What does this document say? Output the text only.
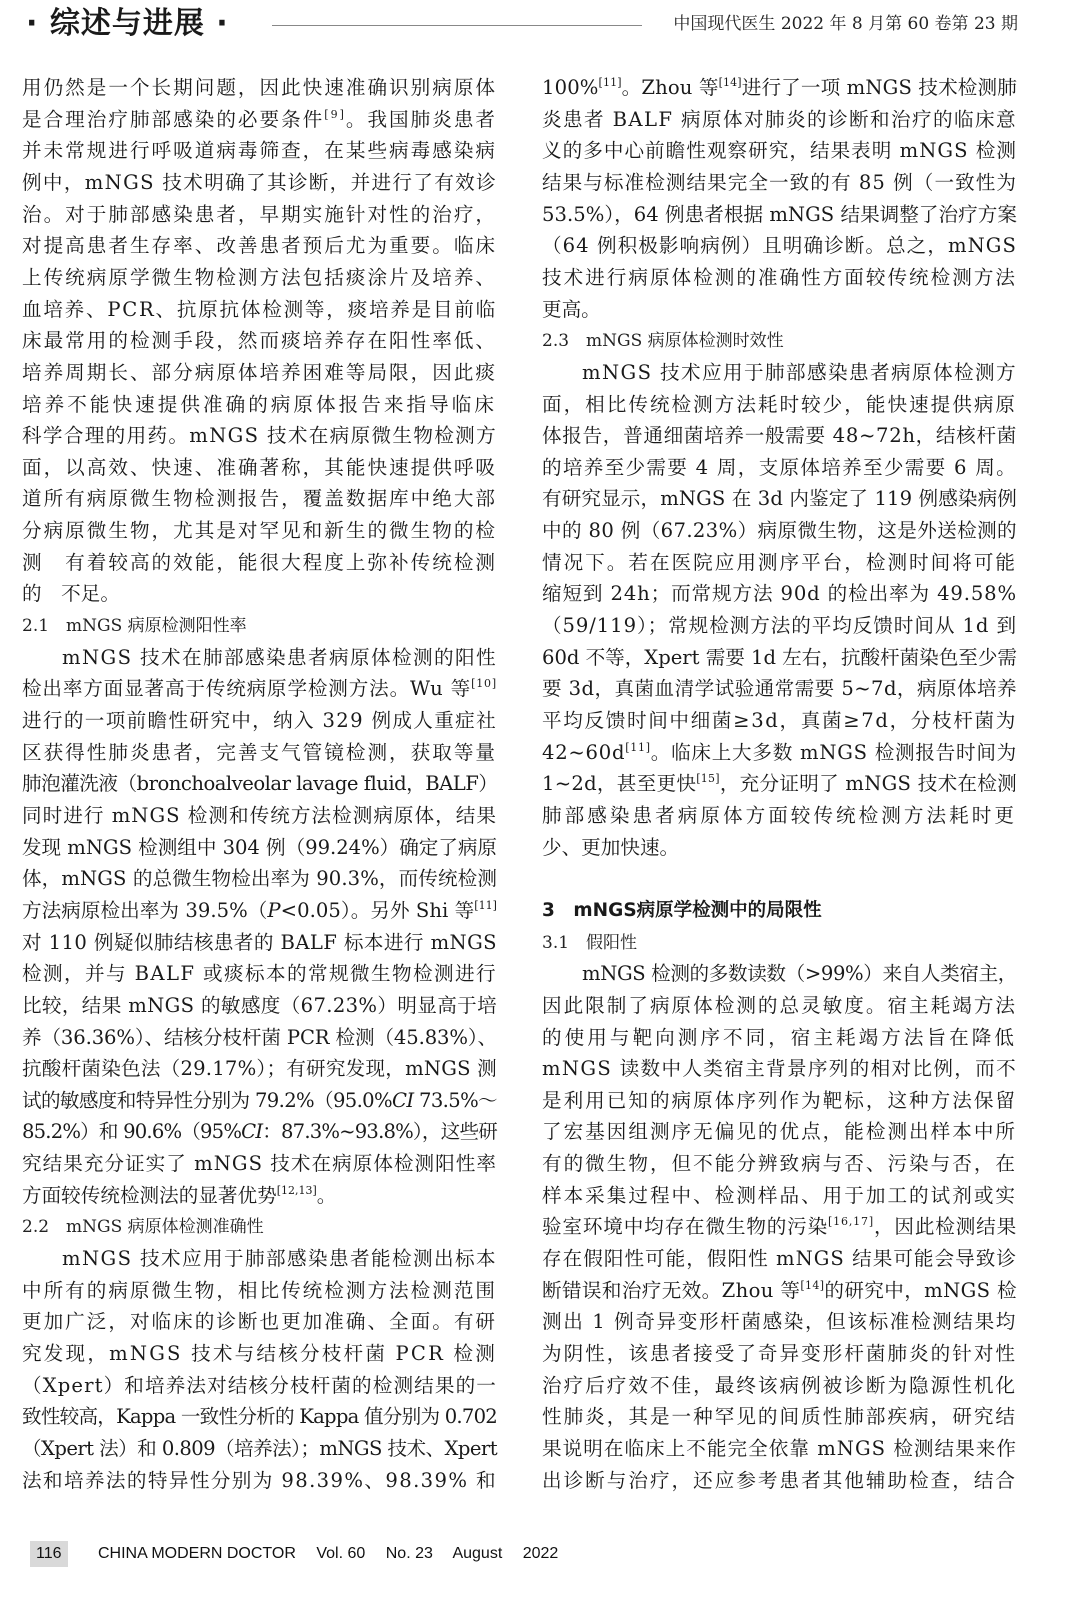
· 综述与进展 ·	中国现代医生 2022 年 8 月第 60 卷第 23 期
用仍然是一个长期问题，因此快速准确识别病原体
是合理治疗肺部感染的必要条件[9]。我国肺炎患者
并未常规进行呼吸道病毒筛查，在某些病毒感染病
例中，mNGS 技术明确了其诊断，并进行了有效诊
治。对于肺部感染患者，早期实施针对性的治疗，
对提高患者生存率、改善患者预后尤为重要。临床
上传统病原学微生物检测方法包括痰涂片及培养、
血培养、PCR、抗原抗体检测等，痰培养是目前临
床最常用的检测手段，然而痰培养存在阳性率低、
培养周期长、部分病原体培养困难等局限，因此痰
培养不能快速提供准确的病原体报告来指导临床
科学合理的用药。mNGS 技术在病原微生物检测方
面，以高效、快速、准确著称，其能快速提供呼吸
道所有病原微生物检测报告，覆盖数据库中绝大部
分病原微生物，尤其是对罕见和新生的微生物的检
测　有着较高的效能，能很大程度上弥补传统检测
的　不足。
2.1　mNGS 病原检测阳性率
mNGS 技术在肺部感染患者病原体检测的阳性
检出率方面显著高于传统病原学检测方法。Wu 等[10]
进行的一项前瞻性研究中，纳入 329 例成人重症社
区获得性肺炎患者，完善支气管镜检测，获取等量
肺泡灌洗液（bronchoalveolar lavage fluid，BALF）
同时进行 mNGS 检测和传统方法检测病原体，结果
发现 mNGS 检测组中 304 例（99.24%）确定了病原
体，mNGS 的总微生物检出率为 90.3%，而传统检测
方法病原检出率为 39.5%（P<0.05）。另外 Shi 等[11]
对 110 例疑似肺结核患者的 BALF 标本进行 mNGS
检测，并与 BALF 或痰标本的常规微生物检测进行
比较，结果 mNGS 的敏感度（67.23%）明显高于培
养（36.36%）、结核分枝杆菌 PCR 检测（45.83%）、
抗酸杆菌染色法（29.17%）；有研究发现，mNGS 测
试的敏感度和特异性分别为 79.2%（95.0%CI 73.5%～
85.2%）和 90.6%（95%CI：87.3%~93.8%），这些研
究结果充分证实了 mNGS 技术在病原体检测阳性率
方面较传统检测法的显著优势[12,13]。
2.2　mNGS 病原体检测准确性
mNGS 技术应用于肺部感染患者能检测出标本
中所有的病原微生物，相比传统检测方法检测范围
更加广泛，对临床的诊断也更加准确、全面。有研
究发现，mNGS 技术与结核分枝杆菌 PCR 检测
（Xpert）和培养法对结核分枝杆菌的检测结果的一
致性较高，Kappa 一致性分析的 Kappa 值分别为 0.702
（Xpert 法）和 0.809（培养法）；mNGS 技术、Xpert
法和培养法的特异性分别为 98.39%、98.39% 和
100%[11]。Zhou 等[14]进行了一项 mNGS 技术检测肺
炎患者 BALF 病原体对肺炎的诊断和治疗的临床意
义的多中心前瞻性观察研究，结果表明 mNGS 检测
结果与标准检测结果完全一致的有 85 例（一致性为
53.5%），64 例患者根据 mNGS 结果调整了治疗方案
（64 例积极影响病例）且明确诊断。总之，mNGS
技术进行病原体检测的准确性方面较传统检测方法
更高。
2.3　mNGS 病原体检测时效性
mNGS 技术应用于肺部感染患者病原体检测方
面，相比传统检测方法耗时较少，能快速提供病原
体报告，普通细菌培养一般需要 48~72h，结核杆菌
的培养至少需要 4 周，支原体培养至少需要 6 周。
有研究显示，mNGS 在 3d 内鉴定了 119 例感染病例
中的 80 例（67.23%）病原微生物，这是外送检测的
情况下。若在医院应用测序平台，检测时间将可能
缩短到 24h；而常规方法 90d 的检出率为 49.58%
（59/119）；常规检测方法的平均反馈时间从 1d 到
60d 不等，Xpert 需要 1d 左右，抗酸杆菌染色至少需
要 3d，真菌血清学试验通常需要 5~7d，病原体培养
平均反馈时间中细菌≥3d，真菌≥7d，分枝杆菌为
42~60d[11]。临床上大多数 mNGS 检测报告时间为
1~2d，甚至更快[15]，充分证明了 mNGS 技术在检测
肺部感染患者病原体方面较传统检测方法耗时更
少、更加快速。
3　mNGS病原学检测中的局限性
3.1　假阳性
mNGS 检测的多数读数（>99%）来自人类宿主，
因此限制了病原体检测的总灵敏度。宿主耗竭方法
的使用与靶向测序不同，宿主耗竭方法旨在降低
mNGS 读数中人类宿主背景序列的相对比例，而不
是利用已知的病原体序列作为靶标，这种方法保留
了宏基因组测序无偏见的优点，能检测出样本中所
有的微生物，但不能分辨致病与否、污染与否，在
样本采集过程中、检测样品、用于加工的试剂或实
验室环境中均存在微生物的污染[16,17]，因此检测结果
存在假阳性可能，假阳性 mNGS 结果可能会导致诊
断错误和治疗无效。Zhou 等[14]的研究中，mNGS 检
测出 1 例奇异变形杆菌感染，但该标准检测结果均
为阴性，该患者接受了奇异变形杆菌肺炎的针对性
治疗后疗效不佳，最终该病例被诊断为隐源性机化
性肺炎，其是一种罕见的间质性肺部疾病，研究结
果说明在临床上不能完全依靠 mNGS 检测结果来作
出诊断与治疗，还应参考患者其他辅助检查，结合
116 CHINA MODERN DOCTOR Vol. 60 No. 23 August 2022
